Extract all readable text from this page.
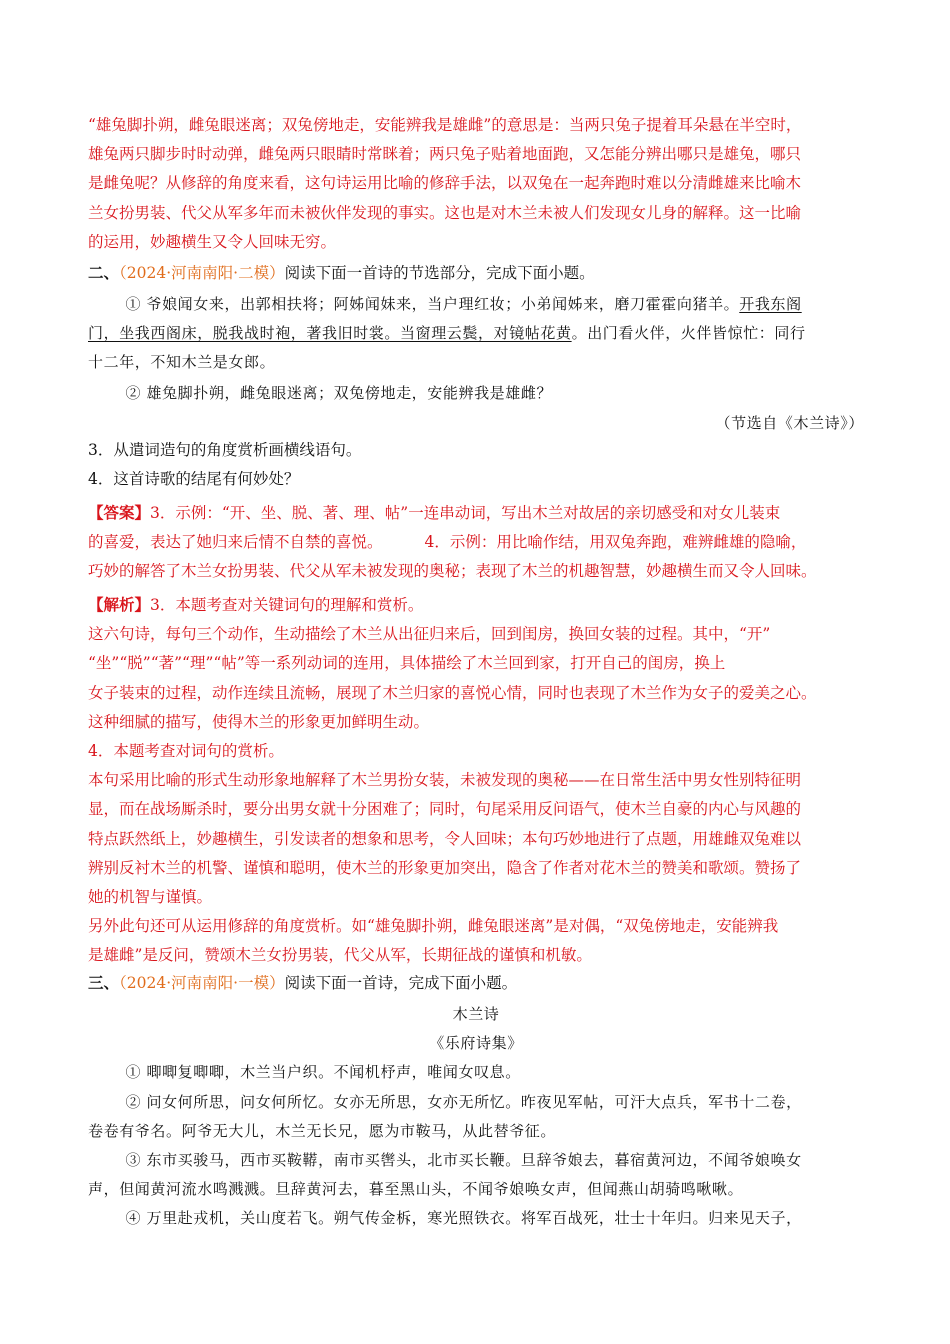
“雄兔脚扑朔，雌兔眼迷离；双兔傍地走，安能辨我是雄雌”的意思是：当两只兔子提着耳朵悬在半空时，
雄兔两只脚步时时动弹，雌兔两只眼睛时常眯着；两只兔子贴着地面跑，又怎能分辨出哪只是雄兔，哪只
是雌兔呢？从修辞的角度来看，这句诗运用比喻的修辞手法，以双兔在一起奔跑时难以分清雌雄来比喻木
兰女扮男装、代父从军多年而未被伙伴发现的事实。这也是对木兰未被人们发现女儿身的解释。这一比喻
的运用，妙趣横生又令人回味无穷。
二、（2024·河南南阳·二模）阅读下面一首诗的节选部分，完成下面小题。
① 爷娘闻女来，出郭相扶将；阿姊闻妹来，当户理红妆；小弟闻姊来，磨刀霍霍向猪羊。开我东阁
门，坐我西阁床，脱我战时袍，著我旧时裳。当窗理云鬓，对镜帖花黄。出门看火伴，火伴皆惊忙：同行
十二年，不知木兰是女郎。
② 雄兔脚扑朔，雌兔眼迷离；双兔傍地走，安能辨我是雄雌？
（节选自《木兰诗》）
3．从遣词造句的角度赏析画横线语句。
4．这首诗歌的结尾有何妙处？
【答案】3．示例：“开、坐、脱、著、理、帖”一连串动词，写出木兰对故居的亲切感受和对女儿装束
的喜爱，表达了她归来后情不自禁的喜悦。	4．示例：用比喻作结，用双兔奔跑，难辨雌雄的隐喻，
巧妙的解答了木兰女扮男装、代父从军未被发现的奥秘；表现了木兰的机趣智慧，妙趣横生而又令人回味。
【解析】3．本题考查对关键词句的理解和赏析。
这六句诗，每句三个动作，生动描绘了木兰从出征归来后，回到闺房，换回女装的过程。其中，“开”
“坐”“脱”“著”“理”“帖”等一系列动词的连用，具体描绘了木兰回到家，打开自己的闺房，换上
女子装束的过程，动作连续且流畅，展现了木兰归家的喜悦心情，同时也表现了木兰作为女子的爱美之心。
这种细腻的描写，使得木兰的形象更加鲜明生动。
4．本题考查对词句的赏析。
本句采用比喻的形式生动形象地解释了木兰男扮女装，未被发现的奥秘——在日常生活中男女性别特征明
显，而在战场厮杀时，要分出男女就十分困难了；同时，句尾采用反问语气，使木兰自豪的内心与风趣的
特点跃然纸上，妙趣横生，引发读者的想象和思考，令人回味；本句巧妙地进行了点题，用雄雌双兔难以
辨别反衬木兰的机警、谨慎和聪明，使木兰的形象更加突出，隐含了作者对花木兰的赞美和歌颂。赞扬了
她的机智与谨慎。
另外此句还可从运用修辞的角度赏析。如“雄兔脚扑朔，雌兔眼迷离”是对偶，“双兔傍地走，安能辨我
是雄雌”是反问，赞颂木兰女扮男装，代父从军，长期征战的谨慎和机敏。
三、（2024·河南南阳·一模）阅读下面一首诗，完成下面小题。
木兰诗
《乐府诗集》
① 唧唧复唧唧，木兰当户织。不闻机杼声，唯闻女叹息。
② 问女何所思，问女何所忆。女亦无所思，女亦无所忆。昨夜见军帖，可汗大点兵，军书十二卷，
卷卷有爷名。阿爷无大儿，木兰无长兄，愿为市鞍马，从此替爷征。
③ 东市买骏马，西市买鞍鞯，南市买辔头，北市买长鞭。旦辞爷娘去，暮宿黄河边，不闻爷娘唤女
声，但闻黄河流水鸣溅溅。旦辞黄河去，暮至黑山头，不闻爷娘唤女声，但闻燕山胡骑鸣啾啾。
④ 万里赴戎机，关山度若飞。朔气传金柝，寒光照铁衣。将军百战死，壮士十年归。归来见天子，
